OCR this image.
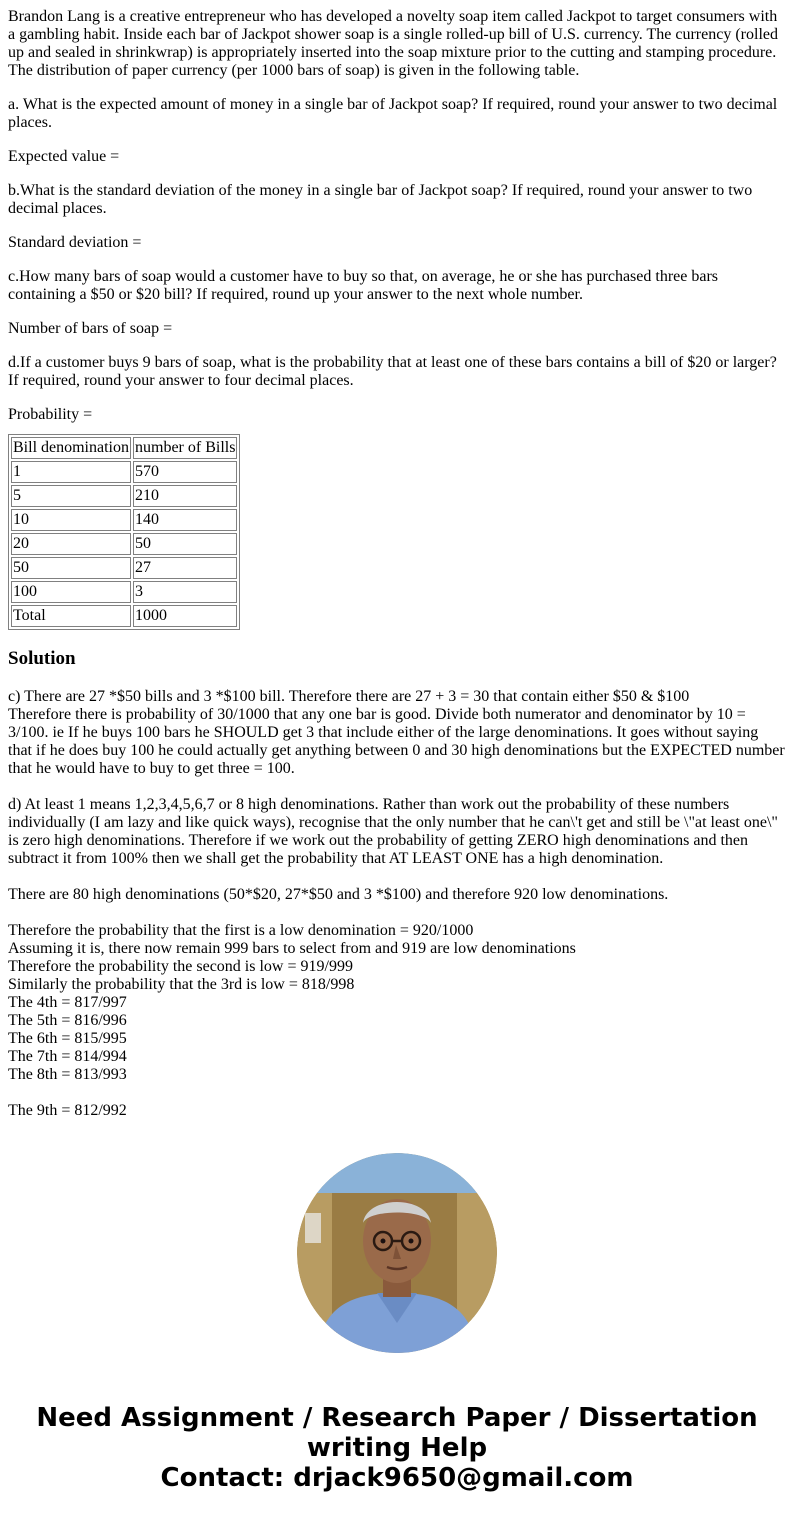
Brandon Lang is a creative entrepreneur who has developed a novelty soap item called Jackpot to target consumers with a gambling habit. Inside each bar of Jackpot shower soap is a single rolled-up bill of U.S. currency. The currency (rolled up and sealed in shrinkwrap) is appropriately inserted into the soap mixture prior to the cutting and stamping procedure. The distribution of paper currency (per 1000 bars of soap) is given in the following table.

a. What is the expected amount of money in a single bar of Jackpot soap? If required, round your answer to two decimal places.

Expected value =

b.What is the standard deviation of the money in a single bar of Jackpot soap? If required, round your answer to two decimal places.

Standard deviation =

c.How many bars of soap would a customer have to buy so that, on average, he or she has purchased three bars containing a $50 or $20 bill? If required, round up your answer to the next whole number.

Number of bars of soap =

d.If a customer buys 9 bars of soap, what is the probability that at least one of these bars contains a bill of $20 or larger? If required, round your answer to four decimal places.

Probability =

Bill denomination	number of Bills
1	570
5	210
10	140
20	50
50	27
100	3
Total	1000
Solution

c) There are 27 *$50 bills and 3 *$100 bill. Therefore there are 27 + 3 = 30 that contain either $50 & $100
Therefore there is probability of 30/1000 that any one bar is good. Divide both numerator and denominator by 10 = 3/100. ie If he buys 100 bars he SHOULD get 3 that include either of the large denominations. It goes without saying that if he does buy 100 he could actually get anything between 0 and 30 high denominations but the EXPECTED number that he would have to buy to get three = 100.

d) At least 1 means 1,2,3,4,5,6,7 or 8 high denominations. Rather than work out the probability of these numbers individually (I am lazy and like quick ways), recognise that the only number that he can\'t get and still be \"at least one\" is zero high denominations. Therefore if we work out the probability of getting ZERO high denominations and then subtract it from 100% then we shall get the probability that AT LEAST ONE has a high denomination.

There are 80 high denominations (50*$20, 27*$50 and 3 *$100) and therefore 920 low denominations.

Therefore the probability that the first is a low denomination = 920/1000
Assuming it is, there now remain 999 bars to select from and 919 are low denominations
Therefore the probability the second is low = 919/999
Similarly the probability that the 3rd is low = 818/998
The 4th = 817/997
The 5th = 816/996
The 6th = 815/995
The 7th = 814/994
The 8th = 813/993

The 9th = 812/992

Need Assignment / Research Paper / Dissertation
writing Help
Contact: drjack9650@gmail.com
